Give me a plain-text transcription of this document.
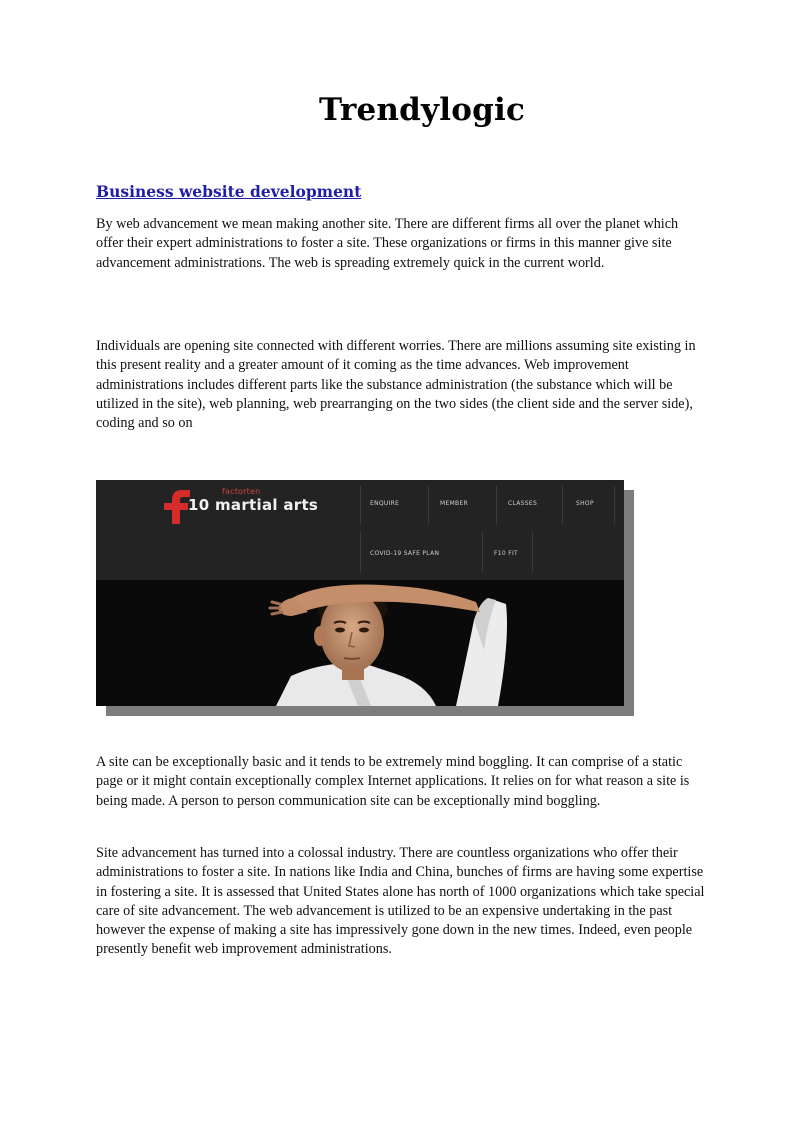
Trendylogic
Business website development

By web advancement we mean making another site. There are different firms all over the planet which offer their expert administrations to foster a site. These organizations or firms in this manner give site advancement administrations. The web is spreading extremely quick in the current world.

Individuals are opening site connected with different worries. There are millions assuming site existing in this present reality and a greater amount of it coming as the time advances. Web improvement administrations includes different parts like the substance administration (the substance which will be utilized in the site), web planning, web prearranging on the two sides (the client side and the server side), coding and so on

factorten
10 martial arts	ENQUIRE	MEMBER	CLASSES	SHOP
COVID-19 SAFE PLAN	F10 FIT

A site can be exceptionally basic and it tends to be extremely mind boggling. It can comprise of a static page or it might contain exceptionally complex Internet applications. It relies on for what reason a site is being made. A person to person communication site can be exceptionally mind boggling.

Site advancement has turned into a colossal industry. There are countless organizations who offer their administrations to foster a site. In nations like India and China, bunches of firms are having some expertise in fostering a site. It is assessed that United States alone has north of 1000 organizations which take special care of site advancement. The web advancement is utilized to be an expensive undertaking in the past however the expense of making a site has impressively gone down in the new times. Indeed, even people presently benefit web improvement administrations.
